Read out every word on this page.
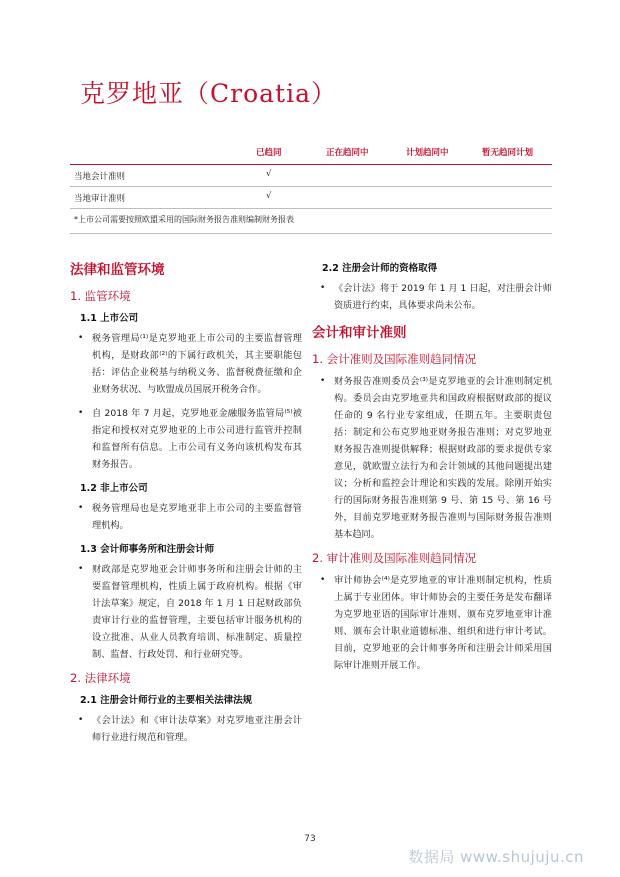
克罗地亚（Croatia）
已趋同	正在趋同中	计划趋同中	暂无趋同计划
当地会计准则	√
当地审计准则	√
*上市公司需要按照欧盟采用的国际财务报告准则编制财务报表
法律和监管环境
1. 监管环境
1.1 上市公司
• 税务管理局⁽¹⁾是克罗地亚上市公司的主要监督管理机构，是财政部⁽²⁾的下属行政机关，其主要职能包括：评估企业税基与纳税义务、监督税费征缴和企业财务状况、与欧盟成员国展开税务合作。
• 自 2018 年 7 月起，克罗地亚金融服务监管局⁽⁵⁾被指定和授权对克罗地亚的上市公司进行监管并控制和监督所有信息。上市公司有义务向该机构发布其财务报告。
1.2 非上市公司
• 税务管理局也是克罗地亚非上市公司的主要监督管理机构。
1.3 会计师事务所和注册会计师
• 财政部是克罗地亚会计师事务所和注册会计师的主要监督管理机构，性质上属于政府机构。根据《审计法草案》规定，自 2018 年 1 月 1 日起财政部负责审计行业的监督管理，主要包括审计服务机构的设立批准、从业人员教育培训、标准制定、质量控制、监督、行政处罚、和行业研究等。
2. 法律环境
2.1 注册会计师行业的主要相关法律法规
• 《会计法》和《审计法草案》对克罗地亚注册会计师行业进行规范和管理。
2.2 注册会计师的资格取得
• 《会计法》将于 2019 年 1 月 1 日起，对注册会计师资质进行约束，具体要求尚未公布。
会计和审计准则
1. 会计准则及国际准则趋同情况
• 财务报告准则委员会⁽³⁾是克罗地亚的会计准则制定机构。委员会由克罗地亚共和国政府根据财政部的提议任命的 9 名行业专家组成，任期五年。主要职责包括：制定和公布克罗地亚财务报告准则；对克罗地亚财务报告准则提供解释；根据财政部的要求提供专家意见，就欧盟立法行为和会计领域的其他问题提出建议；分析和监控会计理论和实践的发展。除刚开始实行的国际财务报告准则第 9 号、第 15 号、第 16 号外，目前克罗地亚财务报告准则与国际财务报告准则基本趋同。
2. 审计准则及国际准则趋同情况
• 审计师协会⁽⁴⁾是克罗地亚的审计准则制定机构，性质上属于专业团体。审计师协会的主要任务是发布翻译为克罗地亚语的国际审计准则、颁布克罗地亚审计准则、颁布会计职业道德标准、组织和进行审计考试。目前，克罗地亚的会计师事务所和注册会计师采用国际审计准则开展工作。
73
数据局 www.shujuju.cn
